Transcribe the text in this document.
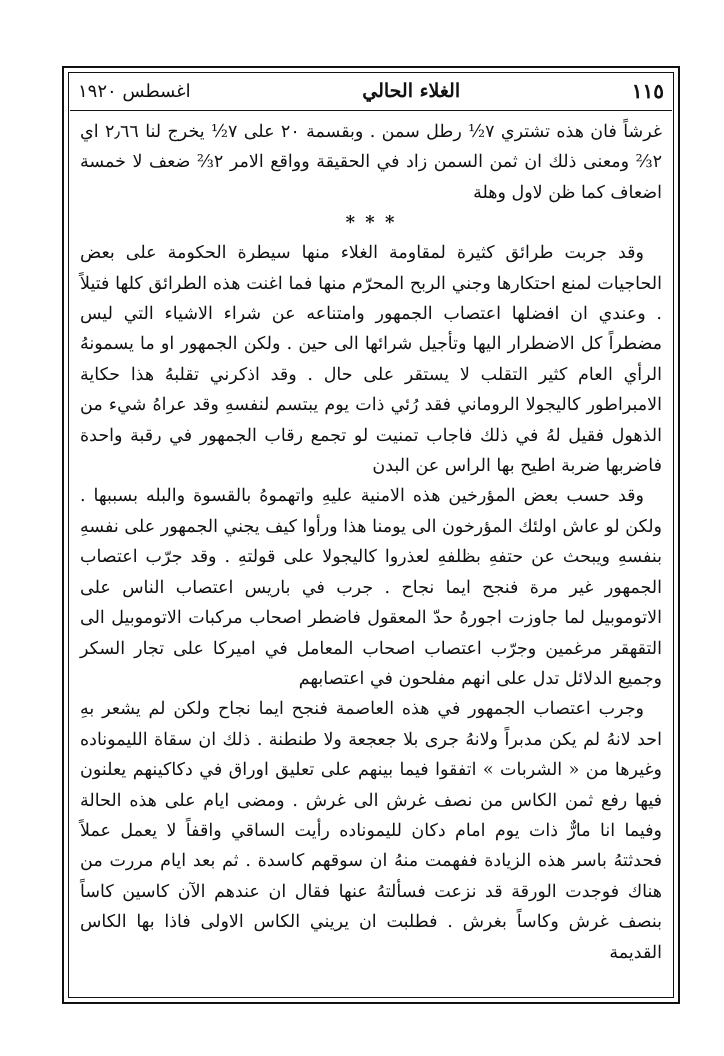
اغسطس ١٩٢٠	الغلاء الحالي	١١٥

غرشاً فان هذه تشتري ٧½ رطل سمن . وبقسمة ٢٠ على ٧½ يخرج لنا ٢٫٦٦ اي ٢⅔ ومعنى ذلك ان ثمن السمن زاد في الحقيقة وواقع الامر ٢⅔ ضعف لا خمسة اضعاف كما ظن لاول وهلة

* * *

وقد جربت طرائق كثيرة لمقاومة الغلاء منها سيطرة الحكومة على بعض الحاجيات لمنع احتكارها وجني الربح المحرّم منها فما اغنت هذه الطرائق كلها فتيلاً . وعندي ان افضلها اعتصاب الجمهور وامتناعه عن شراء الاشياء التي ليس مضطراً كل الاضطرار اليها وتأجيل شرائها الى حين . ولكن الجمهور او ما يسمونهُ الرأي العام كثير التقلب لا يستقر على حال . وقد اذكرني تقلبهُ هذا حكاية الامبراطور كاليجولا الروماني فقد رُئي ذات يوم يبتسم لنفسهِ وقد عراهُ شيء من الذهول فقيل لهُ في ذلك فاجاب تمنيت لو تجمع رقاب الجمهور في رقبة واحدة فاضربها ضربة اطيح بها الراس عن البدن

وقد حسب بعض المؤرخين هذه الامنية عليهِ واتهموهُ بالقسوة والبله بسببها . ولكن لو عاش اولئك المؤرخون الى يومنا هذا ورأوا كيف يجني الجمهور على نفسهِ بنفسهِ ويبحث عن حتفهِ بظلفهِ لعذروا كاليجولا على قولتهِ . وقد جرّب اعتصاب الجمهور غير مرة فنجح ايما نجاح . جرب في باريس اعتصاب الناس على الاتوموبيل لما جاوزت اجورهُ حدّ المعقول فاضطر اصحاب مركبات الاتوموبيل الى التقهقر مرغمين وجرّب اعتصاب اصحاب المعامل في اميركا على تجار السكر وجميع الدلائل تدل على انهم مفلحون في اعتصابهم

وجرب اعتصاب الجمهور في هذه العاصمة فنجح ايما نجاح ولكن لم يشعر بهِ احد لانهُ لم يكن مدبراً ولانهُ جرى بلا جعجعة ولا طنطنة . ذلك ان سقاة الليموناده وغيرها من « الشربات » اتفقوا فيما بينهم على تعليق اوراق في دكاكينهم يعلنون فيها رفع ثمن الكاس من نصف غرش الى غرش . ومضى ايام على هذه الحالة وفيما انا مارٌّ ذات يوم امام دكان لليموناده رأيت الساقي واقفاً لا يعمل عملاً فحدثتهُ باسر هذه الزيادة ففهمت منهُ ان سوقهم كاسدة . ثم بعد ايام مررت من هناك فوجدت الورقة قد نزعت فسألتهُ عنها فقال ان عندهم الآن كاسين كاساً بنصف غرش وكاساً بغرش . فطلبت ان يريني الكاس الاولى فاذا بها الكاس القديمة
